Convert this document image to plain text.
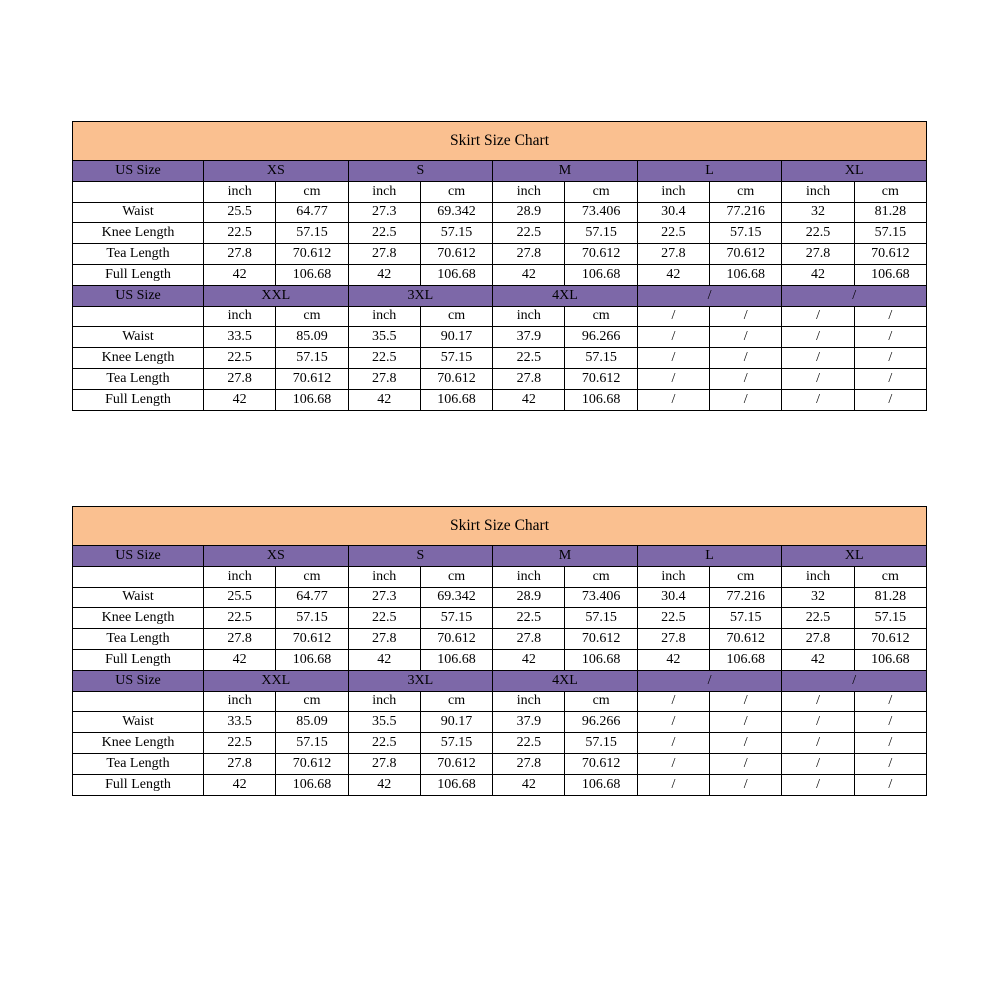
Skirt Size Chart										
US Size	XS		S		M		L		XL	
	inch	cm	inch	cm	inch	cm	inch	cm	inch	cm
Waist	25.5	64.77	27.3	69.342	28.9	73.406	30.4	77.216	32	81.28
Knee Length	22.5	57.15	22.5	57.15	22.5	57.15	22.5	57.15	22.5	57.15
Tea Length	27.8	70.612	27.8	70.612	27.8	70.612	27.8	70.612	27.8	70.612
Full Length	42	106.68	42	106.68	42	106.68	42	106.68	42	106.68
US Size	XXL		3XL		4XL		/		/	
	inch	cm	inch	cm	inch	cm	/	/	/	/
Waist	33.5	85.09	35.5	90.17	37.9	96.266	/	/	/	/
Knee Length	22.5	57.15	22.5	57.15	22.5	57.15	/	/	/	/
Tea Length	27.8	70.612	27.8	70.612	27.8	70.612	/	/	/	/
Full Length	42	106.68	42	106.68	42	106.68	/	/	/	/
Skirt Size Chart										
US Size	XS		S		M		L		XL	
	inch	cm	inch	cm	inch	cm	inch	cm	inch	cm
Waist	25.5	64.77	27.3	69.342	28.9	73.406	30.4	77.216	32	81.28
Knee Length	22.5	57.15	22.5	57.15	22.5	57.15	22.5	57.15	22.5	57.15
Tea Length	27.8	70.612	27.8	70.612	27.8	70.612	27.8	70.612	27.8	70.612
Full Length	42	106.68	42	106.68	42	106.68	42	106.68	42	106.68
US Size	XXL		3XL		4XL		/		/	
	inch	cm	inch	cm	inch	cm	/	/	/	/
Waist	33.5	85.09	35.5	90.17	37.9	96.266	/	/	/	/
Knee Length	22.5	57.15	22.5	57.15	22.5	57.15	/	/	/	/
Tea Length	27.8	70.612	27.8	70.612	27.8	70.612	/	/	/	/
Full Length	42	106.68	42	106.68	42	106.68	/	/	/	/
